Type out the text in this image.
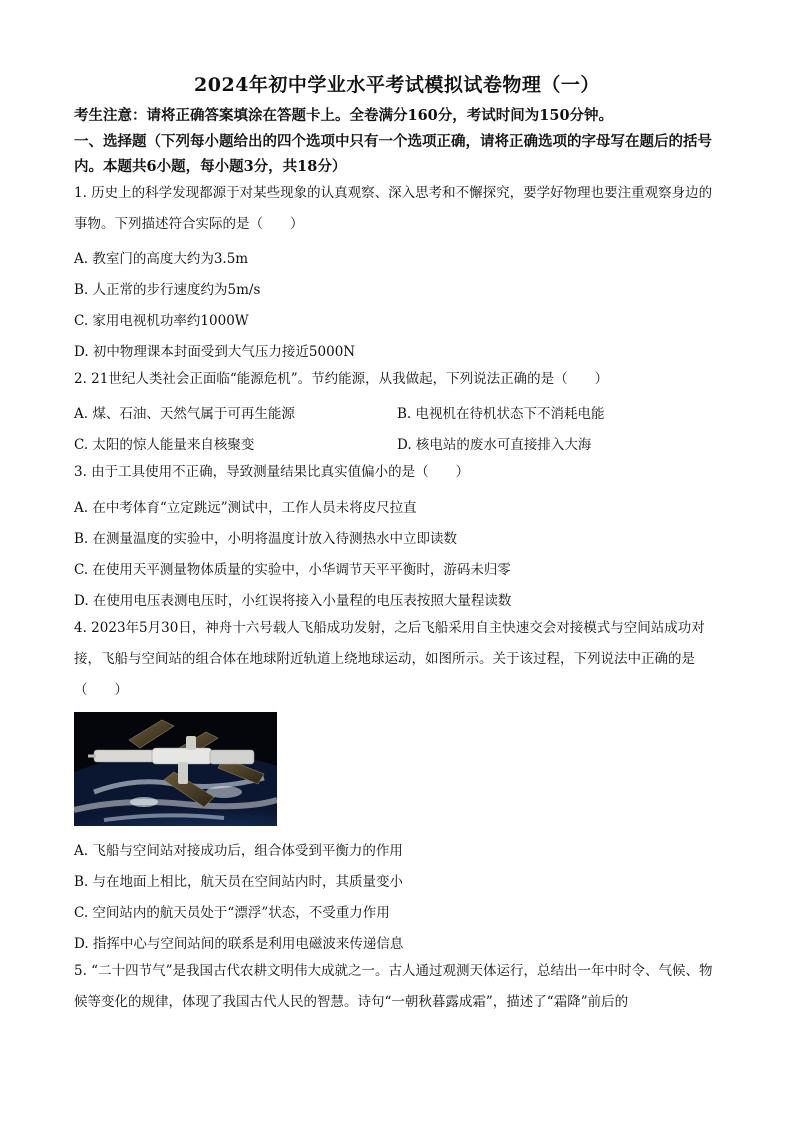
2024年初中学业水平考试模拟试卷物理（一）
考生注意：请将正确答案填涂在答题卡上。全卷满分160分，考试时间为150分钟。
一、选择题（下列每小题给出的四个选项中只有一个选项正确，请将正确选项的字母写在题后的括号内。本题共6小题，每小题3分，共18分）
1. 历史上的科学发现都源于对某些现象的认真观察、深入思考和不懈探究，要学好物理也要注重观察身边的事物。下列描述符合实际的是（　　）
A. 教室门的高度大约为3.5m
B. 人正常的步行速度约为5m/s
C. 家用电视机功率约1000W
D. 初中物理课本封面受到大气压力接近5000N
2. 21世纪人类社会正面临“能源危机”。节约能源，从我做起，下列说法正确的是（　　）
A. 煤、石油、天然气属于可再生能源	B. 电视机在待机状态下不消耗电能
C. 太阳的惊人能量来自核聚变	D. 核电站的废水可直接排入大海
3. 由于工具使用不正确，导致测量结果比真实值偏小的是（　　）
A. 在中考体育“立定跳远”测试中，工作人员未将皮尺拉直
B. 在测量温度的实验中，小明将温度计放入待测热水中立即读数
C. 在使用天平测量物体质量的实验中，小华调节天平平衡时，游码未归零
D. 在使用电压表测电压时，小红误将接入小量程的电压表按照大量程读数
4. 2023年5月30日，神舟十六号载人飞船成功发射，之后飞船采用自主快速交会对接模式与空间站成功对接，飞船与空间站的组合体在地球附近轨道上绕地球运动，如图所示。关于该过程，下列说法中正确的是（　　）
A. 飞船与空间站对接成功后，组合体受到平衡力的作用
B. 与在地面上相比，航天员在空间站内时，其质量变小
C. 空间站内的航天员处于“漂浮”状态，不受重力作用
D. 指挥中心与空间站间的联系是利用电磁波来传递信息
5. “二十四节气”是我国古代农耕文明伟大成就之一。古人通过观测天体运行，总结出一年中时令、气候、物候等变化的规律，体现了我国古代人民的智慧。诗句“一朝秋暮露成霜”，描述了“霜降”前后的
